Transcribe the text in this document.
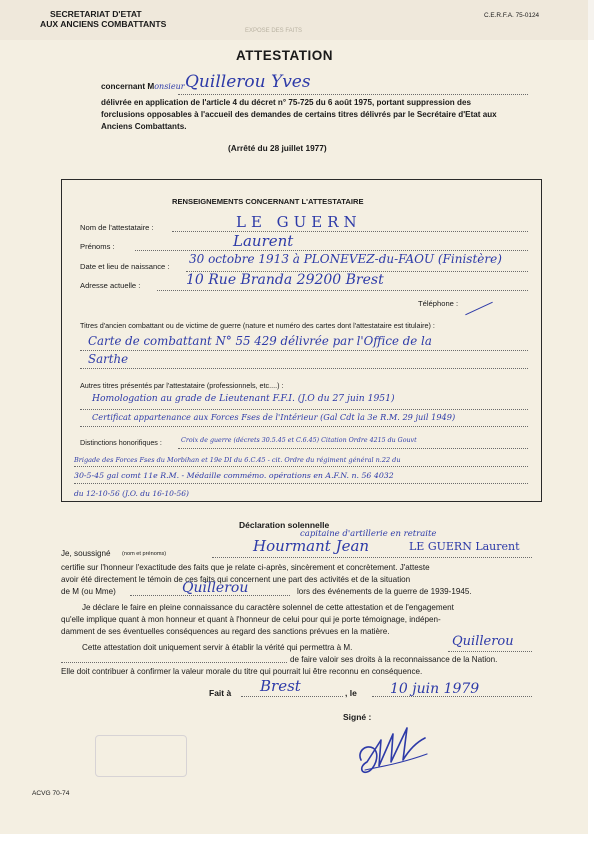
EXPOSE DES FAITS
SECRETARIAT D'ETAT
AUX ANCIENS COMBATTANTS
C.E.R.F.A. 75-0124
ATTESTATION
concernant Monsieur Quillerou Yves
délivrée en application de l'article 4 du décret n° 75-725 du 6 août 1975, portant suppression des
forclusions opposables à l'accueil des demandes de certains titres délivrés par le Secrétaire d'Etat aux
Anciens Combattants.
(Arrêté du 28 juillet 1977)
RENSEIGNEMENTS CONCERNANT L'ATTESTATAIRE
Nom de l'attestataire :	LE GUERN
Prénoms :	Laurent
Date et lieu de naissance :
30 octobre 1913 à PLONEVEZ-du-FAOU (Finistère)
Adresse actuelle :	10 Rue Branda 29200 Brest
Téléphone :
Titres d'ancien combattant ou de victime de guerre (nature et numéro des cartes dont l'attestataire est titulaire) :
Carte de combattant N° 55 429 délivrée par l'Office de la
Sarthe
Autres titres présentés par l'attestataire (professionnels, etc....) :
Homologation au grade de Lieutenant F.F.I. (J.O du 27 juin 1951)
Certificat appartenance aux Forces Fses de l'Intérieur (Gal Cdt la 3e R.M. 29 juil 1949)
Distinctions honorifiques :	Croix de guerre (décrets 30.5.45 et C.6.45) Citation Ordre 4215 du Gouvt
Brigade des Forces Fses du Morbihan et 19e DI du 6.C.45 - cit. Ordre du régiment général n.22 du
30-5-45 gal comt 11e R.M. - Médaille commémo. opérations en A.F.N. n. 56 4032
du 12-10-56 (J.O. du 16-10-56)
Déclaration solennelle
capitaine d'artillerie en retraite
Je, soussigné (nom et prénoms)	Hourmant Jean	LE GUERN Laurent
certifie sur l'honneur l'exactitude des faits que je relate ci-après, sincèrement et concrètement. J'atteste
avoir été directement le témoin de ces faits qui concernent une part des activités et de la situation
de M (ou Mme)	Quillerou	lors des événements de la guerre de 1939-1945.
Je déclare le faire en pleine connaissance du caractère solennel de cette attestation et de l'engagement
qu'elle implique quant à mon honneur et quant à l'honneur de celui pour qui je porte témoignage, indépen-
damment de ses éventuelles conséquences au regard des sanctions prévues en la matière.
Cette attestation doit uniquement servir à établir la vérité qui permettra à M.	Quillerou
de faire valoir ses droits à la reconnaissance de la Nation.
Elle doit contribuer à confirmer la valeur morale du titre qui pourrait lui être reconnu en conséquence.
Fait à Brest	, le 10 juin 1979
Signé :
ACVG 70-74
